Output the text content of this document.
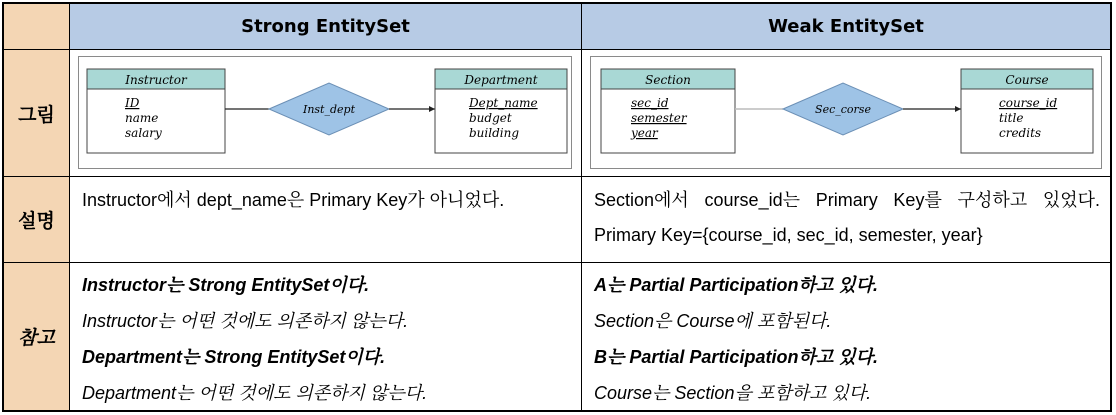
Strong EntitySet	Weak EntitySet
그림
설명
참고
Instructor
ID
name
salary
Inst_dept
Department
Dept_name
budget
building
Section
sec_id
semester
year
Sec_corse
Course
course_id
title
credits
Instructor에서 dept_name은 Primary Key가 아니었다.	Section에서 course_id는 Primary Key를 구성하고 있었다. Primary Key={course_id, sec_id, semester, year}
Instructor는 Strong EntitySet이다.
Instructor는 어떤 것에도 의존하지 않는다.
Department는 Strong EntitySet이다.
Department는 어떤 것에도 의존하지 않는다.
A는 Partial Participation하고 있다.
Section은 Course에 포함된다.
B는 Partial Participation하고 있다.
Course는 Section을 포함하고 있다.
